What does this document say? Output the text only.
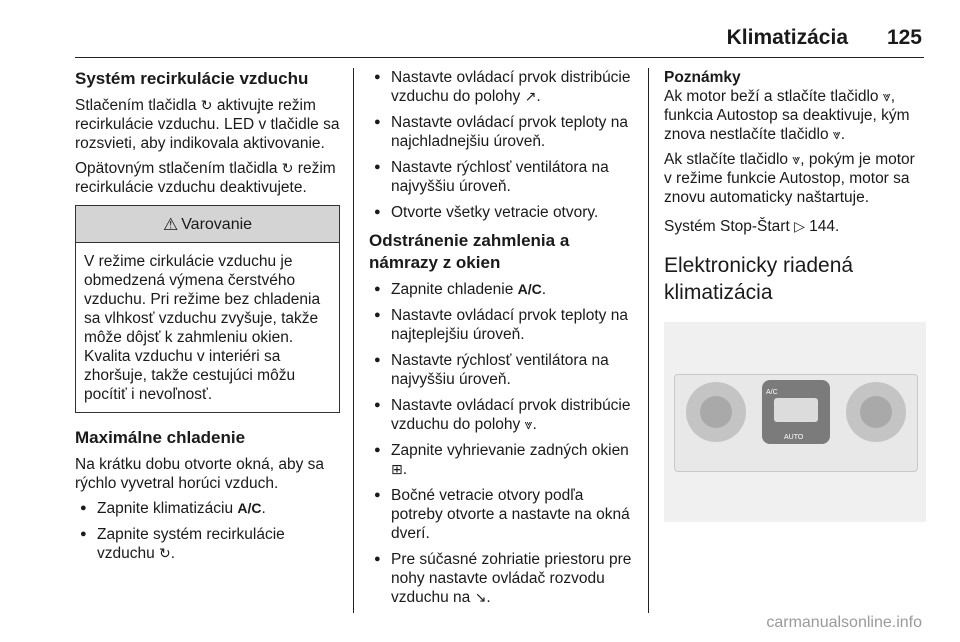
Klimatizácia 125
Systém recirkulácie vzduchu

Stlačením tlačidla ↻ aktivujte režim recirkulácie vzduchu. LED v tlačidle sa rozsvieti, aby indikovala aktivovanie.

Opätovným stlačením tlačidla ↻ režim recirkulácie vzduchu deaktivujete.

⚠ Varovanie
V režime cirkulácie vzduchu je obmedzená výmena čerstvého vzduchu. Pri režime bez chladenia sa vlhkosť vzduchu zvyšuje, takže môže dôjsť k zahmleniu okien. Kvalita vzduchu v interiéri sa zhoršuje, takže cestujúci môžu pocítiť i nevoľnosť.
Maximálne chladenie

Na krátku dobu otvorte okná, aby sa rýchlo vyvetral horúci vzduch.

● Zapnite klimatizáciu A/C.
● Zapnite systém recirkulácie vzduchu ↻.
● Nastavte ovládací prvok distribúcie vzduchu do polohy ↗.
● Nastavte ovládací prvok teploty na najchladnejšiu úroveň.
● Nastavte rýchlosť ventilátora na najvyššiu úroveň.
● Otvorte všetky vetracie otvory.
Odstránenie zahmlenia a námrazy z okien
● Zapnite chladenie A/C.
● Nastavte ovládací prvok teploty na najteplejšiu úroveň.
● Nastavte rýchlosť ventilátora na najvyššiu úroveň.
● Nastavte ovládací prvok distribúcie vzduchu do polohy ⩔.
● Zapnite vyhrievanie zadných okien ⊞.
● Bočné vetracie otvory podľa potreby otvorte a nastavte na okná dverí.
● Pre súčasné zohriatie priestoru pre nohy nastavte ovládač rozvodu vzduchu na ↘.

Poznámky

Ak motor beží a stlačíte tlačidlo ⩔, funkcia Autostop sa deaktivuje, kým znova nestlačíte tlačidlo ⩔.

Ak stlačíte tlačidlo ⩔, pokým je motor v režime funkcie Autostop, motor sa znovu automaticky naštartuje.

Systém Stop-Štart ▷ 144.

Elektronicky riadená klimatizácia
A/C
AUTO
carmanualsonline.info
